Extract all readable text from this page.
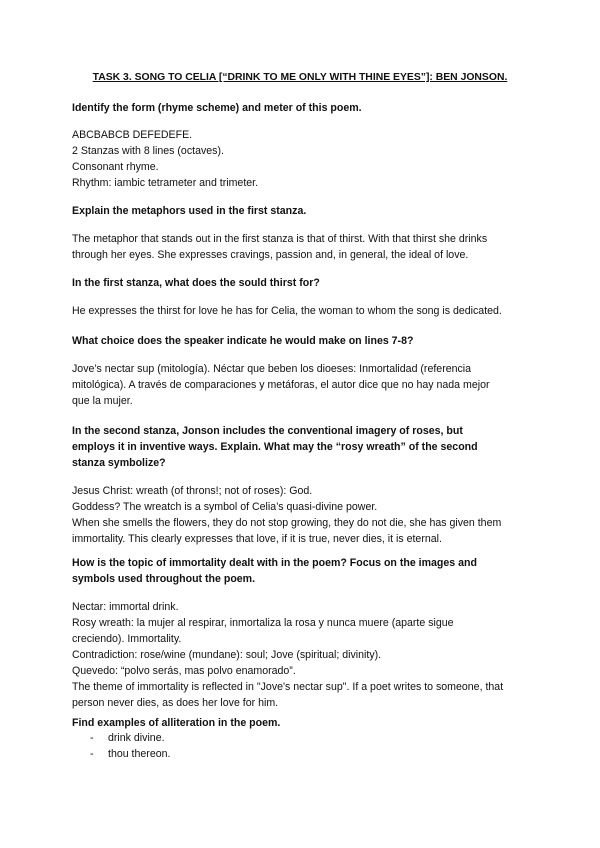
TASK 3. SONG TO CELIA [“DRINK TO ME ONLY WITH THINE EYES”]: BEN JONSON.
Identify the form (rhyme scheme) and meter of this poem.
ABCBABCB DEFEDEFE.
2 Stanzas with 8 lines (octaves).
Consonant rhyme.
Rhythm: iambic tetrameter and trimeter.
Explain the metaphors used in the first stanza.
The metaphor that stands out in the first stanza is that of thirst. With that thirst she drinks
through her eyes. She expresses cravings, passion and, in general, the ideal of love.
In the first stanza, what does the sould thirst for?
He expresses the thirst for love he has for Celia, the woman to whom the song is dedicated.
What choice does the speaker indicate he would make on lines 7-8?
Jove’s nectar sup (mitología). Néctar que beben los dioeses: Inmortalidad (referencia
mitológica). A través de comparaciones y metáforas, el autor dice que no hay nada mejor
que la mujer.
In the second stanza, Jonson includes the conventional imagery of roses, but
employs it in inventive ways. Explain. What may the “rosy wreath” of the second
stanza symbolize?
Jesus Christ: wreath (of throns!; not of roses): God.
Goddess? The wreatch is a symbol of Celia’s quasi-divine power.
When she smells the flowers, they do not stop growing, they do not die, she has given them
immortality. This clearly expresses that love, if it is true, never dies, it is eternal.
How is the topic of immortality dealt with in the poem? Focus on the images and
symbols used throughout the poem.
Nectar: immortal drink.
Rosy wreath: la mujer al respirar, inmortaliza la rosa y nunca muere (aparte sigue
creciendo). Immortality.
Contradiction: rose/wine (mundane): soul; Jove (spiritual; divinity).
Quevedo: “polvo serás, mas polvo enamorado”.
The theme of immortality is reflected in "Jove's nectar sup". If a poet writes to someone, that
person never dies, as does her love for him.
Find examples of alliteration in the poem.
- drink divine.
- thou thereon.
